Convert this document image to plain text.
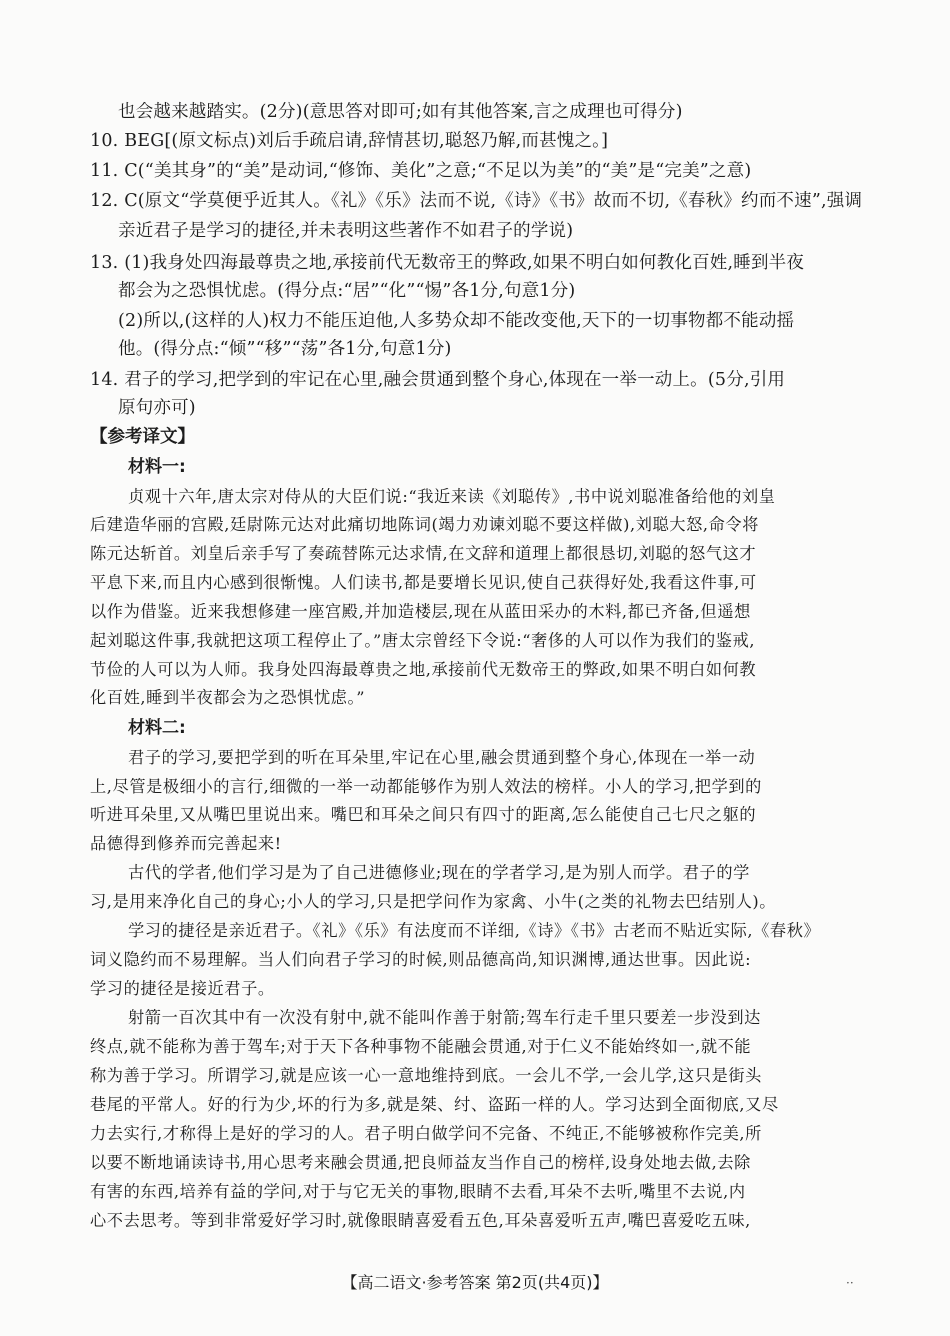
也会越来越踏实。(2分)(意思答对即可;如有其他答案,言之成理也可得分)
10. BEG[(原文标点)刘后手疏启请,辞情甚切,聪怒乃解,而甚愧之。]
11. C(“美其身”的“美”是动词,“修饰、美化”之意;“不足以为美”的“美”是“完美”之意)
12. C(原文“学莫便乎近其人。《礼》《乐》法而不说,《诗》《书》故而不切,《春秋》约而不速”,强调
亲近君子是学习的捷径,并未表明这些著作不如君子的学说)
13. (1)我身处四海最尊贵之地,承接前代无数帝王的弊政,如果不明白如何教化百姓,睡到半夜
都会为之恐惧忧虑。(得分点:“居”“化”“惕”各1分,句意1分)
(2)所以,(这样的人)权力不能压迫他,人多势众却不能改变他,天下的一切事物都不能动摇
他。(得分点:“倾”“移”“荡”各1分,句意1分)
14. 君子的学习,把学到的牢记在心里,融会贯通到整个身心,体现在一举一动上。(5分,引用
原句亦可)
【参考译文】
材料一:
贞观十六年,唐太宗对侍从的大臣们说:“我近来读《刘聪传》,书中说刘聪准备给他的刘皇
后建造华丽的宫殿,廷尉陈元达对此痛切地陈词(竭力劝谏刘聪不要这样做),刘聪大怒,命令将
陈元达斩首。刘皇后亲手写了奏疏替陈元达求情,在文辞和道理上都很恳切,刘聪的怒气这才
平息下来,而且内心感到很惭愧。人们读书,都是要增长见识,使自己获得好处,我看这件事,可
以作为借鉴。近来我想修建一座宫殿,并加造楼层,现在从蓝田采办的木料,都已齐备,但遥想
起刘聪这件事,我就把这项工程停止了。”唐太宗曾经下令说:“奢侈的人可以作为我们的鉴戒,
节俭的人可以为人师。我身处四海最尊贵之地,承接前代无数帝王的弊政,如果不明白如何教
化百姓,睡到半夜都会为之恐惧忧虑。”
材料二:
君子的学习,要把学到的听在耳朵里,牢记在心里,融会贯通到整个身心,体现在一举一动
上,尽管是极细小的言行,细微的一举一动都能够作为别人效法的榜样。小人的学习,把学到的
听进耳朵里,又从嘴巴里说出来。嘴巴和耳朵之间只有四寸的距离,怎么能使自己七尺之躯的
品德得到修养而完善起来!
古代的学者,他们学习是为了自己进德修业;现在的学者学习,是为别人而学。君子的学
习,是用来净化自己的身心;小人的学习,只是把学问作为家禽、小牛(之类的礼物去巴结别人)。
学习的捷径是亲近君子。《礼》《乐》有法度而不详细,《诗》《书》古老而不贴近实际,《春秋》
词义隐约而不易理解。当人们向君子学习的时候,则品德高尚,知识渊博,通达世事。因此说:
学习的捷径是接近君子。
射箭一百次其中有一次没有射中,就不能叫作善于射箭;驾车行走千里只要差一步没到达
终点,就不能称为善于驾车;对于天下各种事物不能融会贯通,对于仁义不能始终如一,就不能
称为善于学习。所谓学习,就是应该一心一意地维持到底。一会儿不学,一会儿学,这只是街头
巷尾的平常人。好的行为少,坏的行为多,就是桀、纣、盗跖一样的人。学习达到全面彻底,又尽
力去实行,才称得上是好的学习的人。君子明白做学问不完备、不纯正,不能够被称作完美,所
以要不断地诵读诗书,用心思考来融会贯通,把良师益友当作自己的榜样,设身处地去做,去除
有害的东西,培养有益的学问,对于与它无关的事物,眼睛不去看,耳朵不去听,嘴里不去说,内
心不去思考。等到非常爱好学习时,就像眼睛喜爱看五色,耳朵喜爱听五声,嘴巴喜爱吃五味,
【高二语文·参考答案 第2页(共4页)】	··
